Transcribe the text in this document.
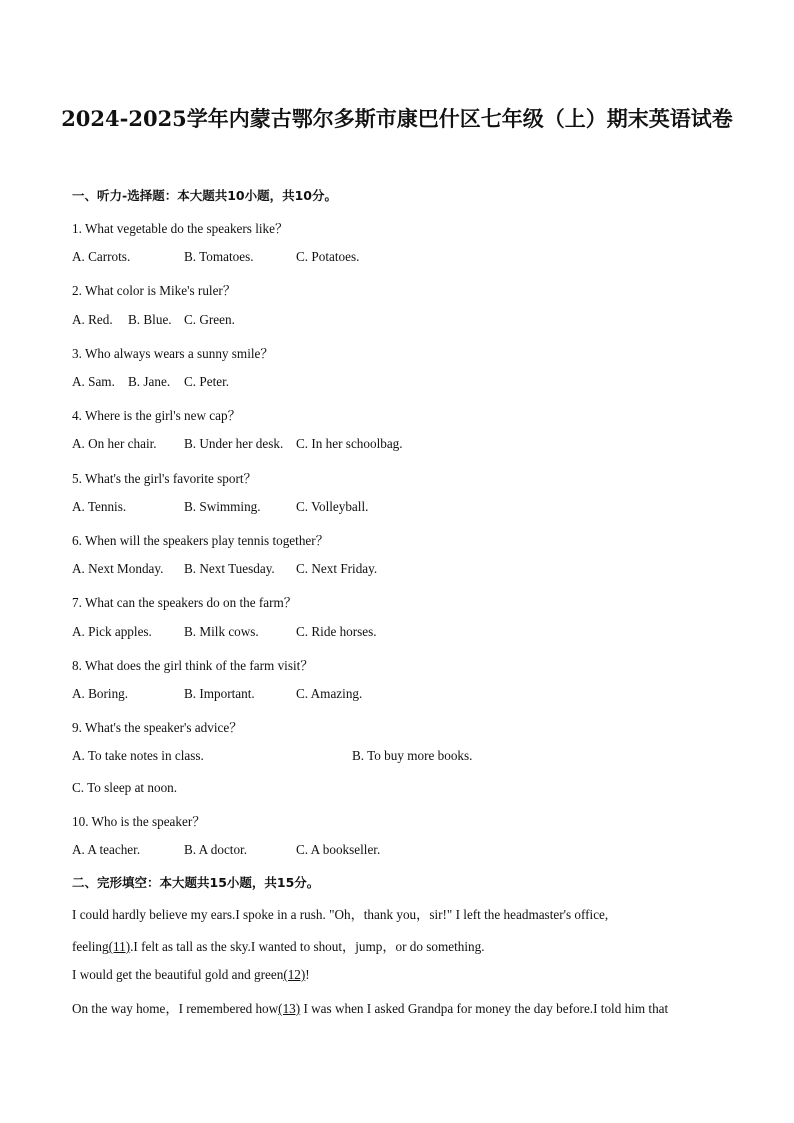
2024-2025学年内蒙古鄂尔多斯市康巴什区七年级（上）期末英语试卷
一、听力-选择题：本大题共10小题，共10分。
1. What vegetable do the speakers like？
A. Carrots.	B. Tomatoes.	C. Potatoes.
2. What color is Mike's ruler？
A. Red. B. Blue. C. Green.
3. Who always wears a sunny smile？
A. Sam. B. Jane. C. Peter.
4. Where is the girl's new cap？
A. On her chair. B. Under her desk. C. In her schoolbag.
5. What's the girl's favorite sport？
A. Tennis.	B. Swimming.	C. Volleyball.
6. When will the speakers play tennis together？
A. Next Monday. B. Next Tuesday. C. Next Friday.
7. What can the speakers do on the farm？
A. Pick apples. B. Milk cows.	C. Ride horses.
8. What does the girl think of the farm visit？
A. Boring.	B. Important.	C. Amazing.
9. What's the speaker's advice？
A. To take notes in class.	B. To buy more books.
C. To sleep at noon.
10. Who is the speaker？
A. A teacher.	B. A doctor.	C. A bookseller.
二、完形填空：本大题共15小题，共15分。
I could hardly believe my ears.I spoke in a rush. "Oh，thank you，sir!" I left the headmaster's office,
feeling(11).I felt as tall as the sky.I wanted to shout，jump，or do something.
I would get the beautiful gold and green(12)!
On the way home，I remembered how(13) I was when I asked Grandpa for money the day before.I told him that
